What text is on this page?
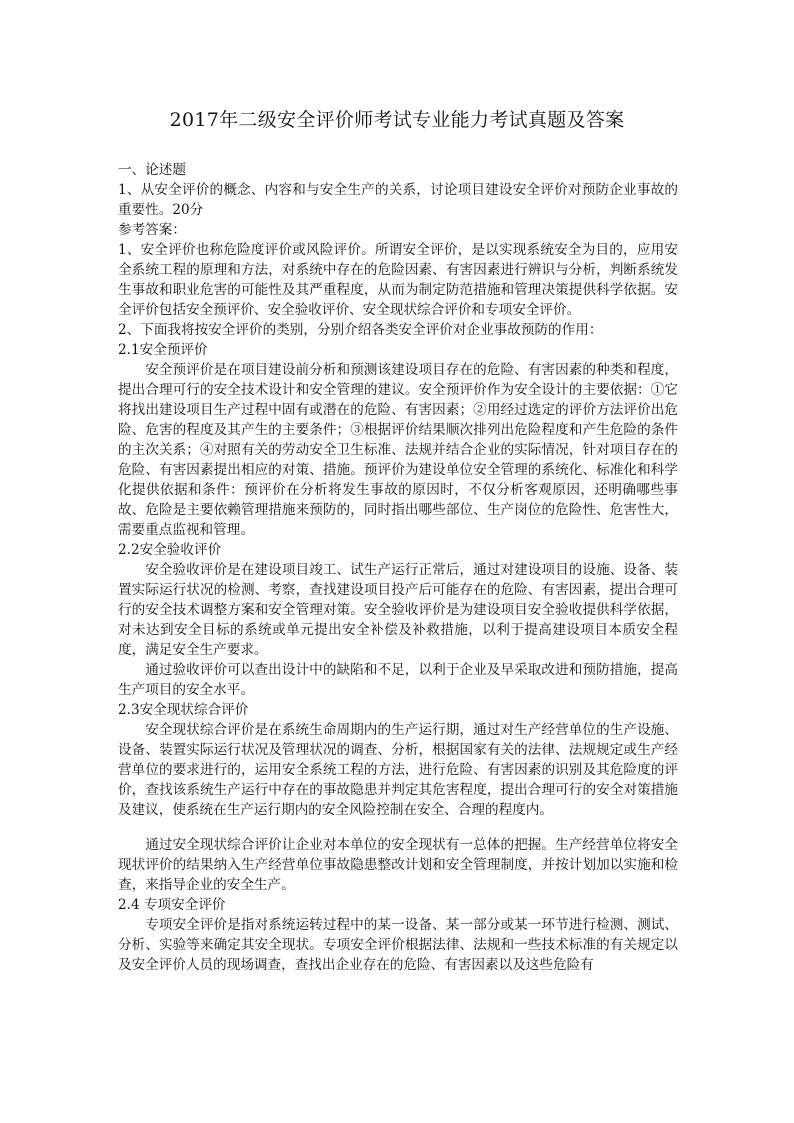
2017年二级安全评价师考试专业能力考试真题及答案

一、论述题

1、从安全评价的概念、内容和与安全生产的关系，讨论项目建设安全评价对预防企业事故的重要性。20分

参考答案：

1、安全评价也称危险度评价或风险评价。所谓安全评价，是以实现系统安全为目的，应用安全系统工程的原理和方法，对系统中存在的危险因素、有害因素进行辨识与分析，判断系统发生事故和职业危害的可能性及其严重程度，从而为制定防范措施和管理决策提供科学依据。安全评价包括安全预评价、安全验收评价、安全现状综合评价和专项安全评价。

2、下面我将按安全评价的类别，分别介绍各类安全评价对企业事故预防的作用：

2.1安全预评价

安全预评价是在项目建设前分析和预测该建设项目存在的危险、有害因素的种类和程度，提出合理可行的安全技术设计和安全管理的建议。安全预评价作为安全设计的主要依据：①它将找出建设项目生产过程中固有或潜在的危险、有害因素；②用经过选定的评价方法评价出危险、危害的程度及其产生的主要条件；③根据评价结果顺次排列出危险程度和产生危险的条件的主次关系；④对照有关的劳动安全卫生标准、法规并结合企业的实际情况，针对项目存在的危险、有害因素提出相应的对策、措施。预评价为建设单位安全管理的系统化、标准化和科学化提供依据和条件：预评价在分析将发生事故的原因时，不仅分析客观原因，还明确哪些事故、危险是主要依赖管理措施来预防的，同时指出哪些部位、生产岗位的危险性、危害性大，需要重点监视和管理。

2.2安全验收评价

安全验收评价是在建设项目竣工、试生产运行正常后，通过对建设项目的设施、设备、装置实际运行状况的检测、考察，查找建设项目投产后可能存在的危险、有害因素，提出合理可行的安全技术调整方案和安全管理对策。安全验收评价是为建设项目安全验收提供科学依据，对未达到安全目标的系统或单元提出安全补偿及补救措施，以利于提高建设项目本质安全程度，满足安全生产要求。

通过验收评价可以查出设计中的缺陷和不足，以利于企业及早采取改进和预防措施，提高生产项目的安全水平。

2.3安全现状综合评价

安全现状综合评价是在系统生命周期内的生产运行期，通过对生产经营单位的生产设施、设备、装置实际运行状况及管理状况的调查、分析，根据国家有关的法律、法规规定或生产经营单位的要求进行的，运用安全系统工程的方法，进行危险、有害因素的识别及其危险度的评价，查找该系统生产运行中存在的事故隐患并判定其危害程度，提出合理可行的安全对策措施及建议，使系统在生产运行期内的安全风险控制在安全、合理的程度内。

通过安全现状综合评价让企业对本单位的安全现状有一总体的把握。生产经营单位将安全现状评价的结果纳入生产经营单位事故隐患整改计划和安全管理制度，并按计划加以实施和检查，来指导企业的安全生产。

2.4 专项安全评价

专项安全评价是指对系统运转过程中的某一设备、某一部分或某一环节进行检测、测试、分析、实验等来确定其安全现状。专项安全评价根据法律、法规和一些技术标准的有关规定以及安全评价人员的现场调查，查找出企业存在的危险、有害因素以及这些危险有
